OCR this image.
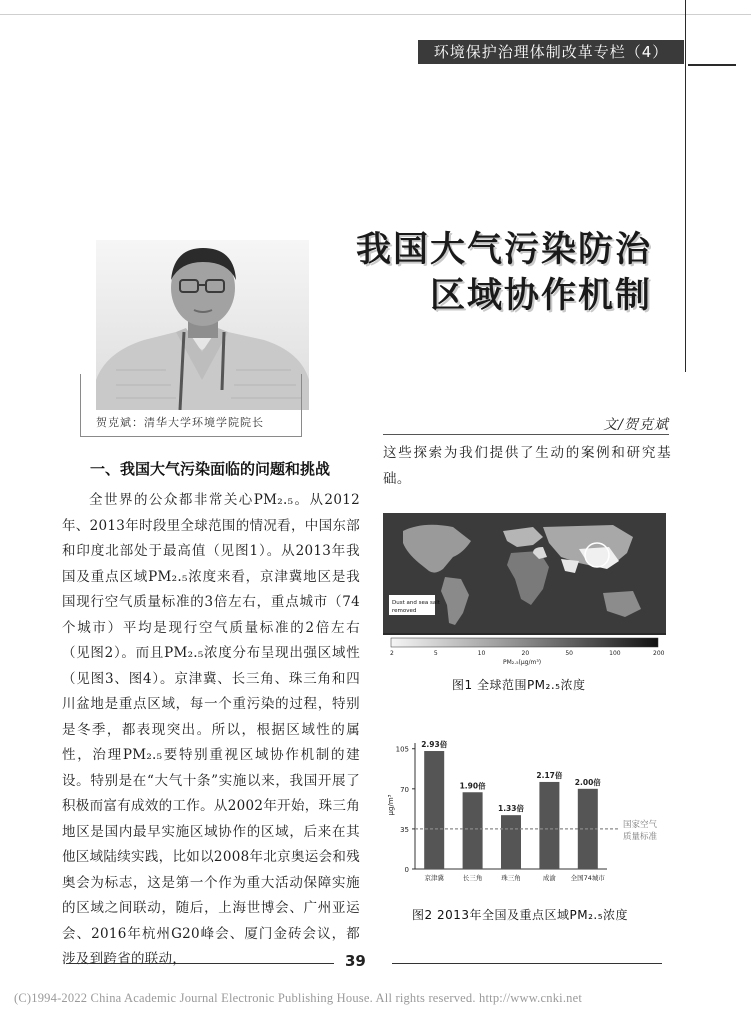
环境保护治理体制改革专栏（4）
我国大气污染防治
区域协作机制
贺克斌：清华大学环境学院院长	文/贺克斌
一、我国大气污染面临的问题和挑战

全世界的公众都非常关心PM₂.₅。从2012年、2013年时段里全球范围的情况看，中国东部和印度北部处于最高值（见图1）。从2013年我国及重点区域PM₂.₅浓度来看，京津冀地区是我国现行空气质量标准的3倍左右，重点城市（74个城市）平均是现行空气质量标准的2倍左右（见图2）。而且PM₂.₅浓度分布呈现出强区域性（见图3、图4）。京津冀、长三角、珠三角和四川盆地是重点区域，每一个重污染的过程，特别是冬季，都表现突出。所以，根据区域性的属性，治理PM₂.₅要特别重视区域协作机制的建设。特别是在“大气十条”实施以来，我国开展了积极而富有成效的工作。从2002年开始，珠三角地区是国内最早实施区域协作的区域，后来在其他区域陆续实践，比如以2008年北京奥运会和残奥会为标志，这是第一个作为重大活动保障实施的区域之间联动，随后，上海世博会、广州亚运会、2016年杭州G20峰会、厦门金砖会议，都涉及到跨省的联动，

这些探索为我们提供了生动的案例和研究基础。

Dust and sea salt
removed
2	5	10	20	50	100	200
PM₂.₅(μg/m³)
图1 全球范围PM₂.₅浓度
0
35
70
105
μg/m³
2.93倍
京津冀
1.90倍
长三角
1.33倍
珠三角
2.17倍
成渝
2.00倍
全国74城市
国家空气
质量标准
图2 2013年全国及重点区域PM₂.₅浓度
39
(C)1994-2022 China Academic Journal Electronic Publishing House. All rights reserved. http://www.cnki.net
